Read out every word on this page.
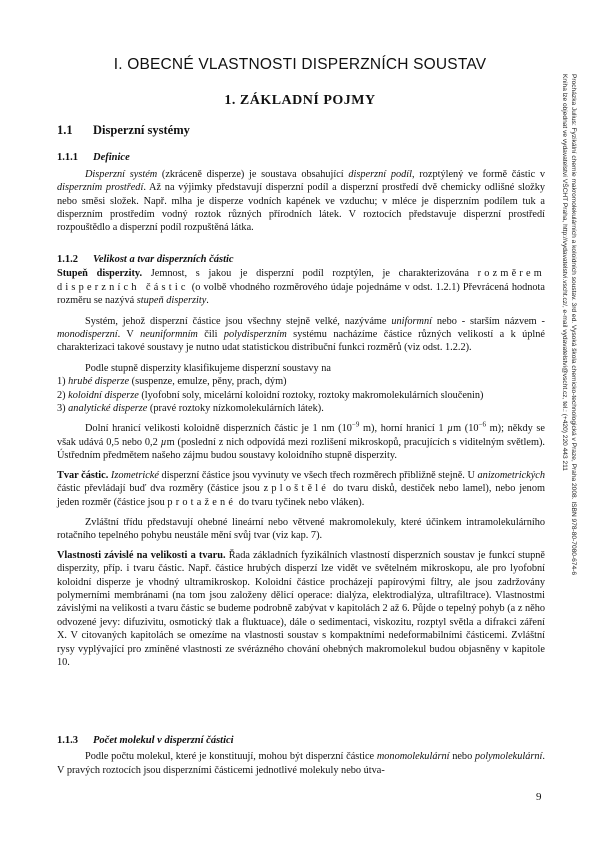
I. OBECNÉ VLASTNOSTI DISPERZNÍCH SOUSTAV
1. ZÁKLADNÍ POJMY	Procházka Julius: Fyzikální chemie makromolekulárních a koloidních soustav. 3rd ed. Vysoká škola chemicko-technologická v Praze, Praha 2008. ISBN 978-80-7080-674-6
Kniha lze objednat ve vydavatelství VŠCHT Praha, http://vydavatelstvi.vscht.cz/, e-mail vydavatelstvi@vscht.cz, tel.: (+420) 220 443 211

1.1 Disperzní systémy

1.1.1 Definice

Disperzní systém (zkráceně disperze) je soustava obsahující disperzní podíl, rozptýlený ve formě částic v disperzním prostředí. Až na výjimky představují disperzní podíl a disperzní prostředí dvě chemicky odlišné složky nebo směsi složek. Např. mlha je disperze vodních kapének ve vzduchu; v mléce je disperzním podílem tuk a disperzním prostředím vodný roztok různých přírodních látek. V roztocích představuje disperzní prostředí rozpouštědlo a disperzní podíl rozpuštěná látka.

1.1.2 Velikost a tvar disperzních částic

Stupeň disperzity. Jemnost, s jakou je disperzní podíl rozptýlen, je charakterizována rozměrem disperzních částic (o volbě vhodného rozměrového údaje pojednáme v odst. 1.2.1) Převrácená hodnota rozměru se nazývá stupeň disperzity.

Systém, jehož disperzní částice jsou všechny stejně velké, nazýváme uniformní nebo - starším názvem - monodisperzní. V neuniformním čili polydisperzním systému nacházíme částice různých velikostí a k úplné charakterizaci takové soustavy je nutno udat statistickou distribuční funkci rozměrů (viz odst. 1.2.2).

Podle stupně disperzity klasifikujeme disperzní soustavy na

1) hrubé disperze (suspenze, emulze, pěny, prach, dým)

2) koloidní disperze (lyofobní soly, micelární koloidní roztoky, roztoky makromolekulárních sloučenin)

3) analytické disperze (pravé roztoky nízkomolekulárních látek).

Dolní hranicí velikosti koloidně disperzních částic je 1 nm ($10^{-9}$ m), horní hranicí 1 µm ($10^{-6}$ m); někdy se však udává 0,5 nebo 0,2 µm (poslední z nich odpovídá mezi rozlišení mikroskopů, pracujících s viditelným světlem). Ústředním předmětem našeho zájmu budou soustavy koloidního stupně disperzity.

Tvar částic. Izometrické disperzní částice jsou vyvinuty ve všech třech rozměrech přibližně stejně. U anizometrických částic převládají buď dva rozměry (částice jsou zploštělé do tvaru disků, destiček nebo lamel), nebo jenom jeden rozměr (částice jsou protažené do tvaru tyčinek nebo vláken).

Zvláštní třídu představují ohebné lineární nebo větvené makromolekuly, které účinkem intramolekulárního rotačního tepelného pohybu neustále mění svůj tvar (viz kap. 7).

Vlastnosti závislé na velikosti a tvaru. Řada základních fyzikálních vlastností disperzních soustav je funkcí stupně disperzity, příp. i tvaru částic. Např. částice hrubých disperzí lze vidět ve světelném mikroskopu, ale pro lyofobní koloidní disperze je vhodný ultramikroskop. Koloidní částice procházejí papírovými filtry, ale jsou zadržovány polymerními membránami (na tom jsou založeny dělicí operace: dialýza, elektrodialýza, ultrafiltrace). Vlastnostmi závislými na velikosti a tvaru částic se budeme podrobně zabývat v kapitolách 2 až 6. Půjde o tepelný pohyb (a z něho odvozené jevy: difuzivitu, osmotický tlak a fluktuace), dále o sedimentaci, viskozitu, rozptyl světla a difrakci záření X. V citovaných kapitolách se omezíme na vlastnosti soustav s kompaktními nedeformabilními částicemi. Zvláštní rysy vyplývající pro zmíněné vlastnosti ze svérázného chování ohebných makromolekul budou objasněny v kapitole 10.

1.1.3 Počet molekul v disperzní částici

Podle počtu molekul, které je konstituují, mohou být disperzní částice monomolekulární nebo polymolekulární. V pravých roztocích jsou disperzními částicemi jednotlivé molekuly nebo útva-

9
